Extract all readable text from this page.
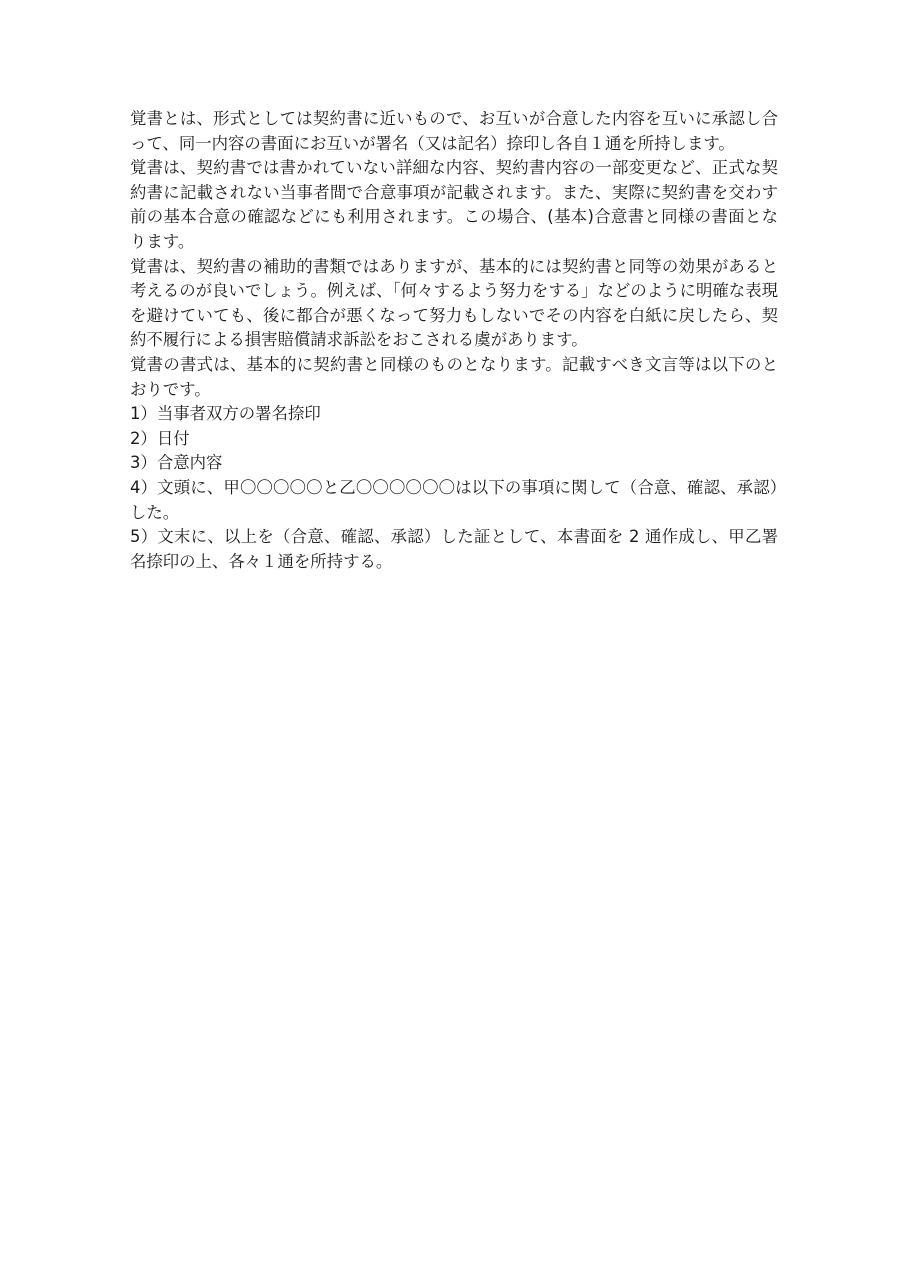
覚書とは、形式としては契約書に近いもので、お互いが合意した内容を互いに承認し合って、同一内容の書面にお互いが署名（又は記名）捺印し各自１通を所持します。

覚書は、契約書では書かれていない詳細な内容、契約書内容の一部変更など、正式な契約書に記載されない当事者間で合意事項が記載されます。また、実際に契約書を交わす前の基本合意の確認などにも利用されます。この場合、(基本)合意書と同様の書面となります。

覚書は、契約書の補助的書類ではありますが、基本的には契約書と同等の効果があると考えるのが良いでしょう。例えば、「何々するよう努力をする」などのように明確な表現を避けていても、後に都合が悪くなって努力もしないでその内容を白紙に戻したら、契約不履行による損害賠償請求訴訟をおこされる虞があります。

覚書の書式は、基本的に契約書と同様のものとなります。記載すべき文言等は以下のとおりです。

1）当事者双方の署名捺印

2）日付

3）合意内容

4）文頭に、甲〇〇〇〇〇と乙〇〇〇〇〇〇は以下の事項に関して（合意、確認、承認）した。

5）文末に、以上を（合意、確認、承認）した証として、本書面を 2 通作成し、甲乙署名捺印の上、各々１通を所持する。
